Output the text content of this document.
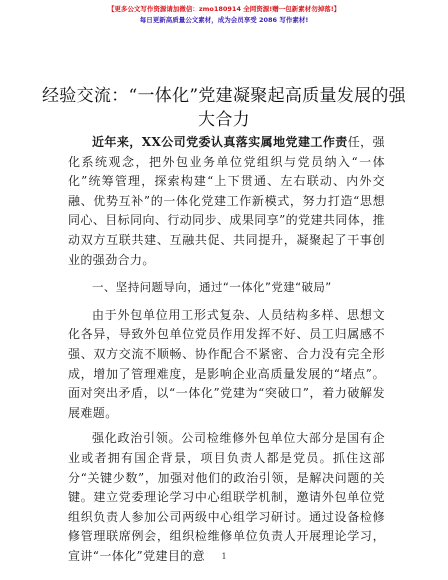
【更多公文写作资源请加微信：zmo180914 全网资源!赠一包新素材勿掉落!】
每日更新高质量公文素材，成为会员享受 2086 写作素材!
经验交流：“一体化”党建凝聚起高质量发展的强大合力

近年来，XX公司党委认真落实属地党建工作责任，强化系统观念，把外包业务单位党组织与党员纳入“一体化”统筹管理，探索构建“上下贯通、左右联动、内外交融、优势互补”的一体化党建工作新模式，努力打造“思想同心、目标同向、行动同步、成果同享”的党建共同体，推动双方互联共建、互融共促、共同提升，凝聚起了干事创业的强劲合力。

一、坚持问题导向，通过“一体化”党建“破局”

由于外包单位用工形式复杂、人员结构多样、思想文化各异，导致外包单位党员作用发挥不好、员工归属感不强、双方交流不顺畅、协作配合不紧密、合力没有完全形成，增加了管理难度，是影响企业高质量发展的“堵点”。面对突出矛盾，以“一体化”党建为“突破口”，着力破解发展难题。

强化政治引领。公司检维修外包单位大部分是国有企业或者拥有国企背景，项目负责人都是党员。抓住这部分“关键少数”，加强对他们的政治引领，是解决问题的关键。建立党委理论学习中心组联学机制，邀请外包单位党组织负责人参加公司两级中心组学习研讨。通过设备检修修管理联席例会，组织检维修单位负责人开展理论学习，宣讲“一体化”党建目的意	1
